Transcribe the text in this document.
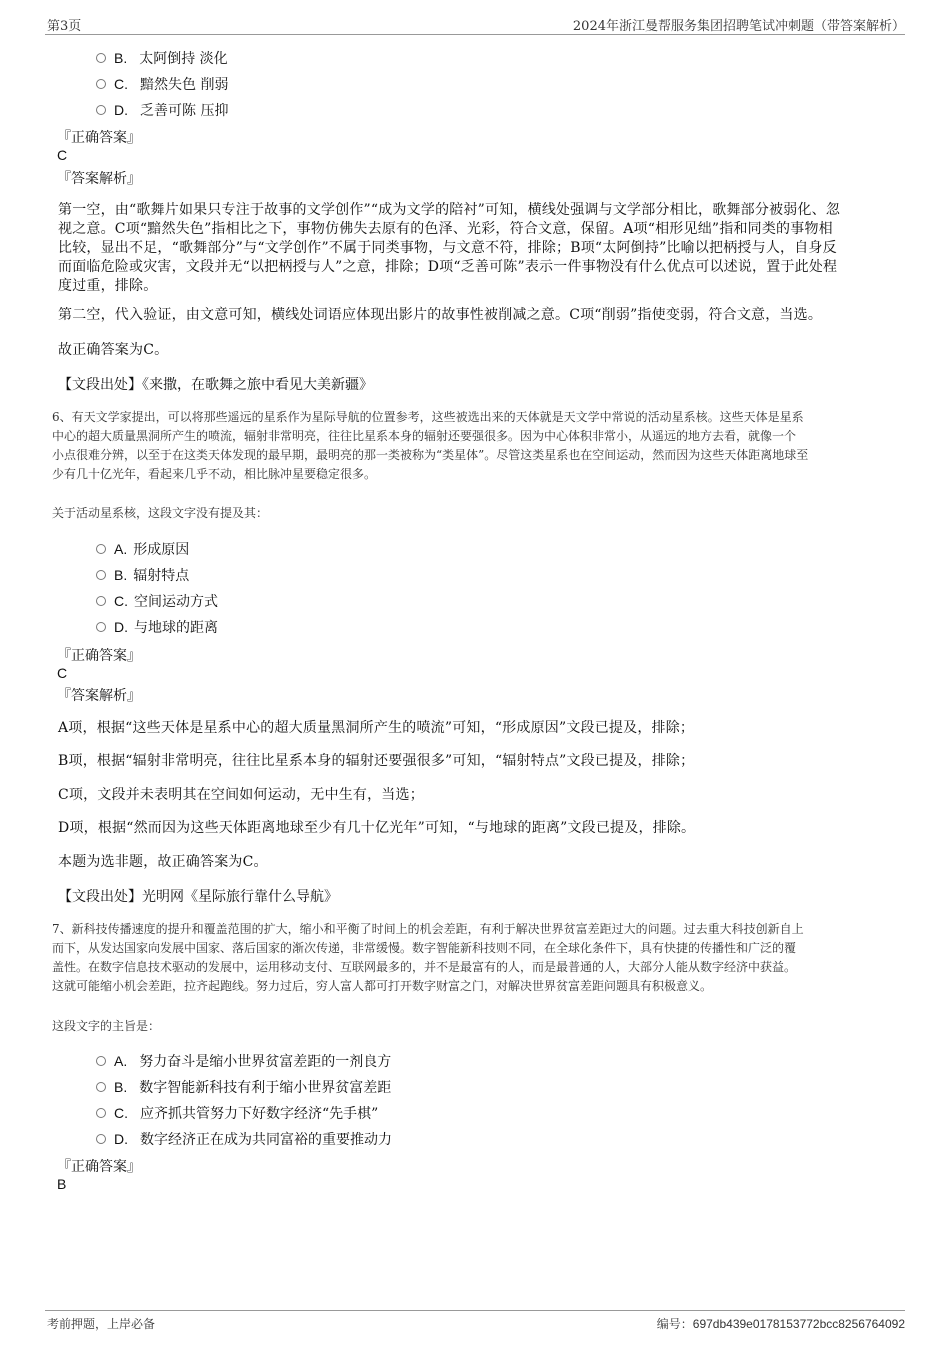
第3页	2024年浙江曼帮服务集团招聘笔试冲刺题（带答案解析）
B. 太阿倒持 淡化
C. 黯然失色 削弱
D. 乏善可陈 压抑
『正确答案』
C
『答案解析』
第一空，由“歌舞片如果只专注于故事的文学创作”“成为文学的陪衬”可知，横线处强调与文学部分相比，歌舞部分被弱化、忽
视之意。C项“黯然失色”指相比之下，事物仿佛失去原有的色泽、光彩，符合文意，保留。A项“相形见绌”指和同类的事物相
比较，显出不足，“歌舞部分”与“文学创作”不属于同类事物，与文意不符，排除；B项“太阿倒持”比喻以把柄授与人，自身反
而面临危险或灾害，文段并无“以把柄授与人”之意，排除；D项“乏善可陈”表示一件事物没有什么优点可以述说，置于此处程
度过重，排除。
第二空，代入验证，由文意可知，横线处词语应体现出影片的故事性被削减之意。C项“削弱”指使变弱，符合文意，当选。
故正确答案为C。
【文段出处】《来撒，在歌舞之旅中看见大美新疆》
6、有天文学家提出，可以将那些遥远的星系作为星际导航的位置参考，这些被选出来的天体就是天文学中常说的活动星系核。这些天体是星系
中心的超大质量黑洞所产生的喷流，辐射非常明亮，往往比星系本身的辐射还要强很多。因为中心体积非常小，从遥远的地方去看，就像一个
小点很难分辨，以至于在这类天体发现的最早期，最明亮的那一类被称为“类星体”。尽管这类星系也在空间运动，然而因为这些天体距离地球至
少有几十亿光年，看起来几乎不动，相比脉冲星要稳定很多。
关于活动星系核，这段文字没有提及其：
A. 形成原因
B. 辐射特点
C. 空间运动方式
D. 与地球的距离
『正确答案』
C
『答案解析』
A项，根据“这些天体是星系中心的超大质量黑洞所产生的喷流”可知，“形成原因”文段已提及，排除；
B项，根据“辐射非常明亮，往往比星系本身的辐射还要强很多”可知，“辐射特点”文段已提及，排除；
C项，文段并未表明其在空间如何运动，无中生有，当选；
D项，根据“然而因为这些天体距离地球至少有几十亿光年”可知，“与地球的距离”文段已提及，排除。
本题为选非题，故正确答案为C。
【文段出处】光明网《星际旅行靠什么导航》
7、新科技传播速度的提升和覆盖范围的扩大，缩小和平衡了时间上的机会差距，有利于解决世界贫富差距过大的问题。过去重大科技创新自上
而下，从发达国家向发展中国家、落后国家的渐次传递，非常缓慢。数字智能新科技则不同，在全球化条件下，具有快捷的传播性和广泛的覆
盖性。在数字信息技术驱动的发展中，运用移动支付、互联网最多的，并不是最富有的人，而是最普通的人，大部分人能从数字经济中获益。
这就可能缩小机会差距，拉齐起跑线。努力过后，穷人富人都可打开数字财富之门，对解决世界贫富差距问题具有积极意义。
这段文字的主旨是：
A. 努力奋斗是缩小世界贫富差距的一剂良方
B. 数字智能新科技有利于缩小世界贫富差距
C. 应齐抓共管努力下好数字经济“先手棋”
D. 数字经济正在成为共同富裕的重要推动力
『正确答案』
B
考前押题，上岸必备	编号：697db439e0178153772bcc8256764092
